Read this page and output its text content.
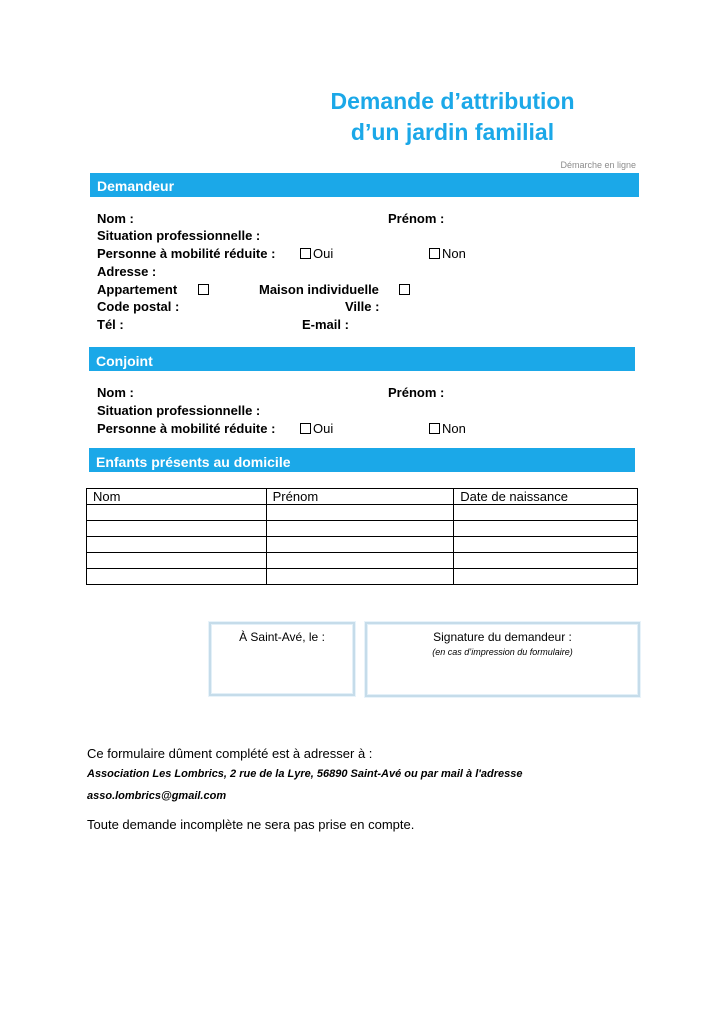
Demande d’attribution
d’un jardin familial
Démarche en ligne
Demandeur
Nom :	Prénom :
Situation professionnelle :
Personne à mobilité réduite :	Oui	Non
Adresse :
Appartement	Maison individuelle
Code postal :	Ville :
Tél :	E-mail :
Conjoint
Nom :	Prénom :
Situation professionnelle :
Personne à mobilité réduite :	Oui	Non
Enfants présents au domicile
Nom	Prénom	Date de naissance

À Saint-Avé, le :	Signature du demandeur :
(en cas d’impression du formulaire)
Ce formulaire dûment complété est à adresser à :
Association Les Lombrics, 2 rue de la Lyre, 56890 Saint-Avé ou par mail à l'adresse
asso.lombrics@gmail.com
Toute demande incomplète ne sera pas prise en compte.
